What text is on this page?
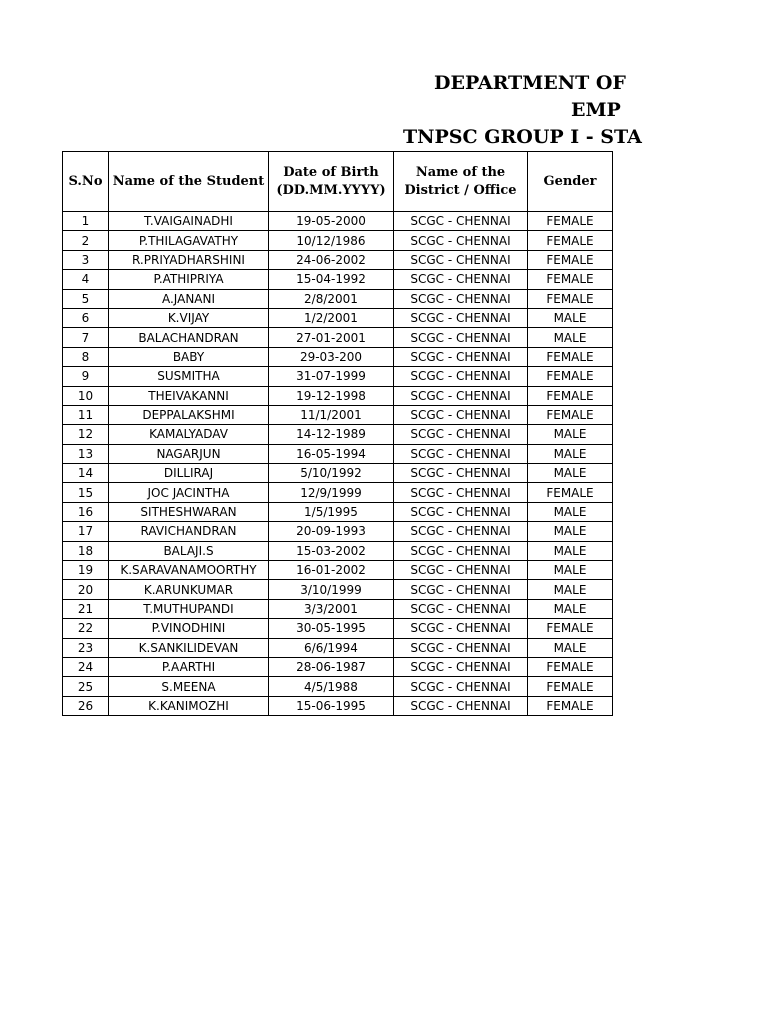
DEPARTMENT OF
EMP
TNPSC GROUP I - STA
S.No	Name of the Student	Date of Birth (DD.MM.YYYY)	Name of the District / Office	Gender
1	T.VAIGAINADHI	19-05-2000	SCGC - CHENNAI	FEMALE
2	P.THILAGAVATHY	10/12/1986	SCGC - CHENNAI	FEMALE
3	R.PRIYADHARSHINI	24-06-2002	SCGC - CHENNAI	FEMALE
4	P.ATHIPRIYA	15-04-1992	SCGC - CHENNAI	FEMALE
5	A.JANANI	2/8/2001	SCGC - CHENNAI	FEMALE
6	K.VIJAY	1/2/2001	SCGC - CHENNAI	MALE
7	BALACHANDRAN	27-01-2001	SCGC - CHENNAI	MALE
8	BABY	29-03-200	SCGC - CHENNAI	FEMALE
9	SUSMITHA	31-07-1999	SCGC - CHENNAI	FEMALE
10	THEIVAKANNI	19-12-1998	SCGC - CHENNAI	FEMALE
11	DEPPALAKSHMI	11/1/2001	SCGC - CHENNAI	FEMALE
12	KAMALYADAV	14-12-1989	SCGC - CHENNAI	MALE
13	NAGARJUN	16-05-1994	SCGC - CHENNAI	MALE
14	DILLIRAJ	5/10/1992	SCGC - CHENNAI	MALE
15	JOC JACINTHA	12/9/1999	SCGC - CHENNAI	FEMALE
16	SITHESHWARAN	1/5/1995	SCGC - CHENNAI	MALE
17	RAVICHANDRAN	20-09-1993	SCGC - CHENNAI	MALE
18	BALAJI.S	15-03-2002	SCGC - CHENNAI	MALE
19	K.SARAVANAMOORTHY	16-01-2002	SCGC - CHENNAI	MALE
20	K.ARUNKUMAR	3/10/1999	SCGC - CHENNAI	MALE
21	T.MUTHUPANDI	3/3/2001	SCGC - CHENNAI	MALE
22	P.VINODHINI	30-05-1995	SCGC - CHENNAI	FEMALE
23	K.SANKILIDEVAN	6/6/1994	SCGC - CHENNAI	MALE
24	P.AARTHI	28-06-1987	SCGC - CHENNAI	FEMALE
25	S.MEENA	4/5/1988	SCGC - CHENNAI	FEMALE
26	K.KANIMOZHI	15-06-1995	SCGC - CHENNAI	FEMALE
